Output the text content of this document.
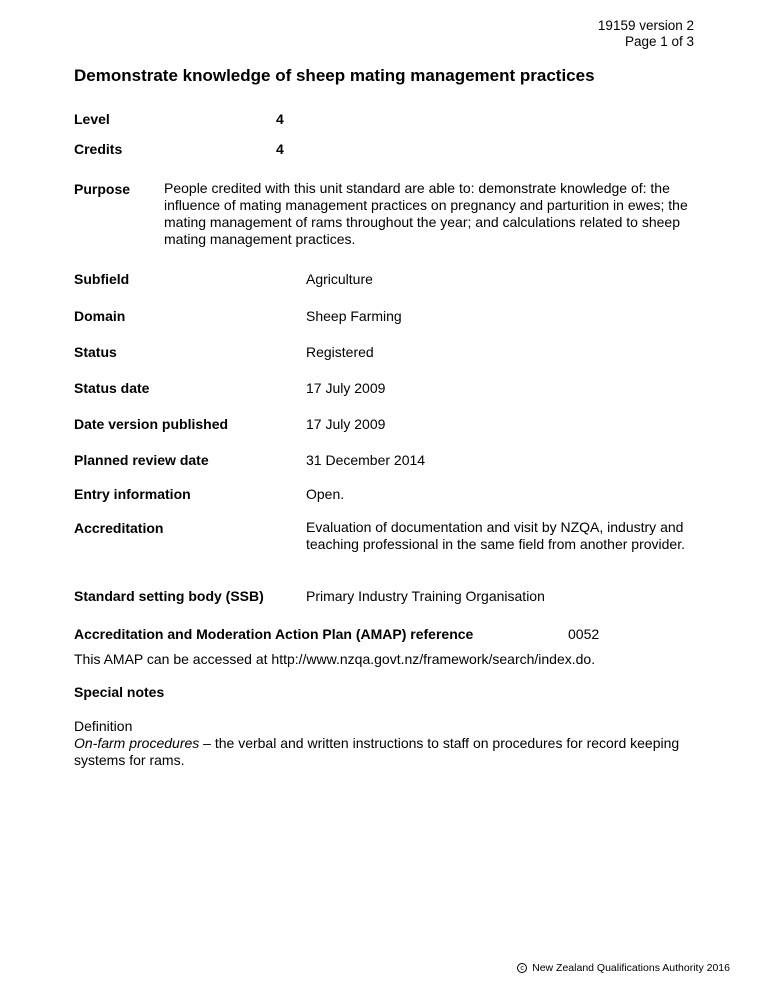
19159 version 2
Page 1 of 3
Demonstrate knowledge of sheep mating management practices
Level	4
Credits	4
Purpose People credited with this unit standard are able to: demonstrate knowledge of: the influence of mating management practices on pregnancy and parturition in ewes; the mating management of rams throughout the year; and calculations related to sheep mating management practices.
Subfield	Agriculture
Domain	Sheep Farming
Status	Registered
Status date	17 July 2009
Date version published	17 July 2009
Planned review date	31 December 2014
Entry information	Open.
Accreditation	Evaluation of documentation and visit by NZQA, industry and teaching professional in the same field from another provider.
Standard setting body (SSB)	Primary Industry Training Organisation
Accreditation and Moderation Action Plan (AMAP) reference	0052
This AMAP can be accessed at http://www.nzqa.govt.nz/framework/search/index.do.
Special notes
Definition
On-farm procedures – the verbal and written instructions to staff on procedures for record keeping systems for rams.
c New Zealand Qualifications Authority 2016
